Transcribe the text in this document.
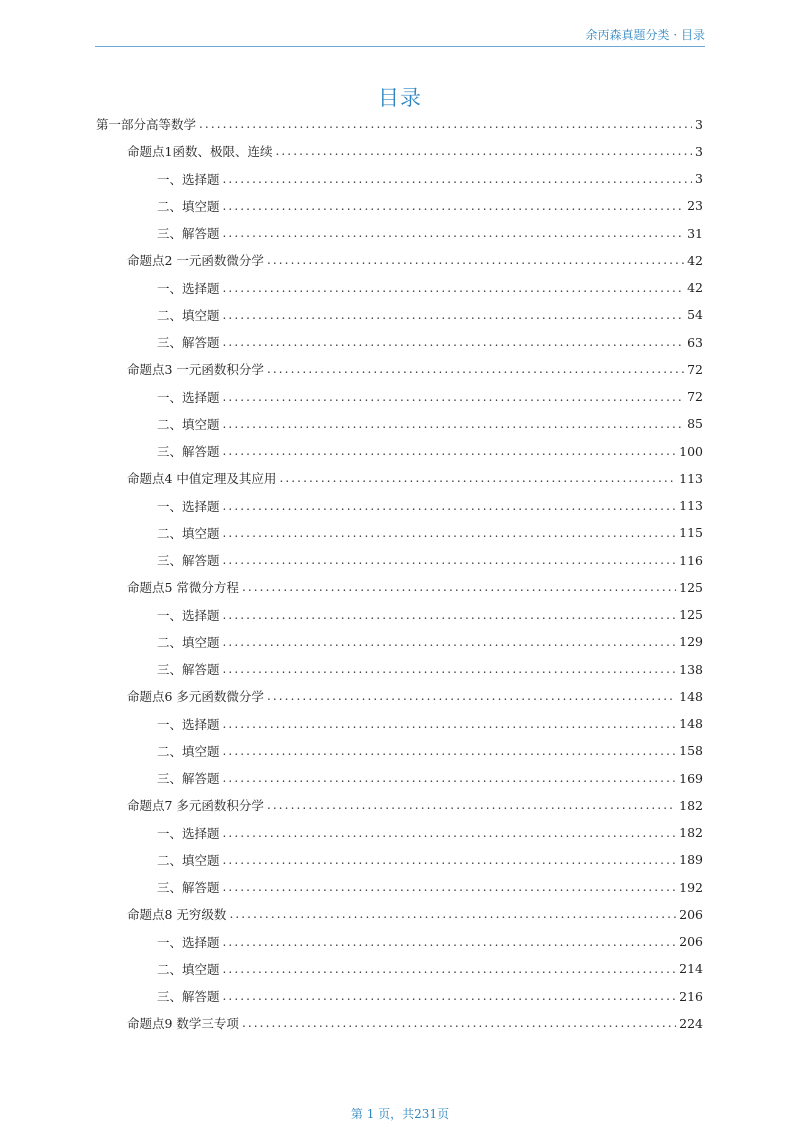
余丙森真题分类 · 目录
目录
第一部分高等数学 .....	3
命题点1函数、极限、连续 .....	3
一、选择题 .....	3
二、填空题 .....	23
三、解答题 .....	31
命题点2 一元函数微分学 .....	42
一、选择题 .....	42
二、填空题 .....	54
三、解答题 .....	63
命题点3 一元函数积分学 .....	72
一、选择题 .....	72
二、填空题 .....	85
三、解答题 .....	100
命题点4 中值定理及其应用 .....	113
一、选择题 .....	113
二、填空题 .....	115
三、解答题 .....	116
命题点5 常微分方程 .....	125
一、选择题 .....	125
二、填空题 .....	129
三、解答题 .....	138
命题点6 多元函数微分学 .....	148
一、选择题 .....	148
二、填空题 .....	158
三、解答题 .....	169
命题点7 多元函数积分学 .....	182
一、选择题 .....	182
二、填空题 .....	189
三、解答题 .....	192
命题点8 无穷级数 .....	206
一、选择题 .....	206
二、填空题 .....	214
三、解答题 .....	216
命题点9 数学三专项 .....	224
第 1 页，共231页
